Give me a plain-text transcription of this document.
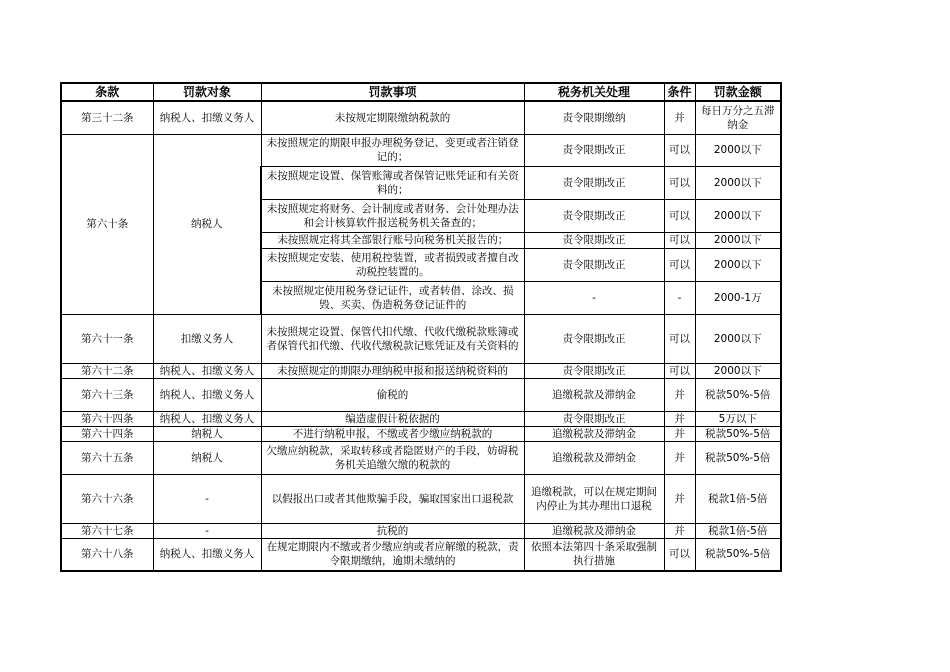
条款	罚款对象	罚款事项	税务机关处理	条件	罚款金额
第三十二条	纳税人、扣缴义务人	未按规定期限缴纳税款的	责令限期缴纳	并	每日万分之五滞纳金
第六十条	纳税人	未按照规定的期限申报办理税务登记、变更或者注销登记的；	责令限期改正	可以	2000以下
		未按照规定设置、保管账簿或者保管记账凭证和有关资料的；	责令限期改正	可以	2000以下
		未按照规定将财务、会计制度或者财务、会计处理办法和会计核算软件报送税务机关备查的；	责令限期改正	可以	2000以下
		未按照规定将其全部银行账号向税务机关报告的；	责令限期改正	可以	2000以下
		未按照规定安装、使用税控装置，或者损毁或者擅自改动税控装置的。	责令限期改正	可以	2000以下
		未按照规定使用税务登记证件，或者转借、涂改、损毁、买卖、伪造税务登记证件的	-	-	2000-1万
第六十一条	扣缴义务人	未按照规定设置、保管代扣代缴、代收代缴税款账簿或者保管代扣代缴、代收代缴税款记账凭证及有关资料的	责令限期改正	可以	2000以下
第六十二条	纳税人、扣缴义务人	未按照规定的期限办理纳税申报和报送纳税资料的	责令限期改正	可以	2000以下
第六十三条	纳税人、扣缴义务人	偷税的	追缴税款及滞纳金	并	税款50%-5倍
第六十四条	纳税人、扣缴义务人	编造虚假计税依据的	责令限期改正	并	5万以下
第六十四条	纳税人	不进行纳税申报，不缴或者少缴应纳税款的	追缴税款及滞纳金	并	税款50%-5倍
第六十五条	纳税人	欠缴应纳税款，采取转移或者隐匿财产的手段，妨碍税务机关追缴欠缴的税款的	追缴税款及滞纳金	并	税款50%-5倍
第六十六条	-	以假报出口或者其他欺骗手段，骗取国家出口退税款	追缴税款，可以在规定期间内停止为其办理出口退税	并	税款1倍-5倍
第六十七条	-	抗税的	追缴税款及滞纳金	并	税款1倍-5倍
第六十八条	纳税人、扣缴义务人	在规定期限内不缴或者少缴应纳或者应解缴的税款，责令限期缴纳，逾期未缴纳的	依照本法第四十条采取强制执行措施	可以	税款50%-5倍
